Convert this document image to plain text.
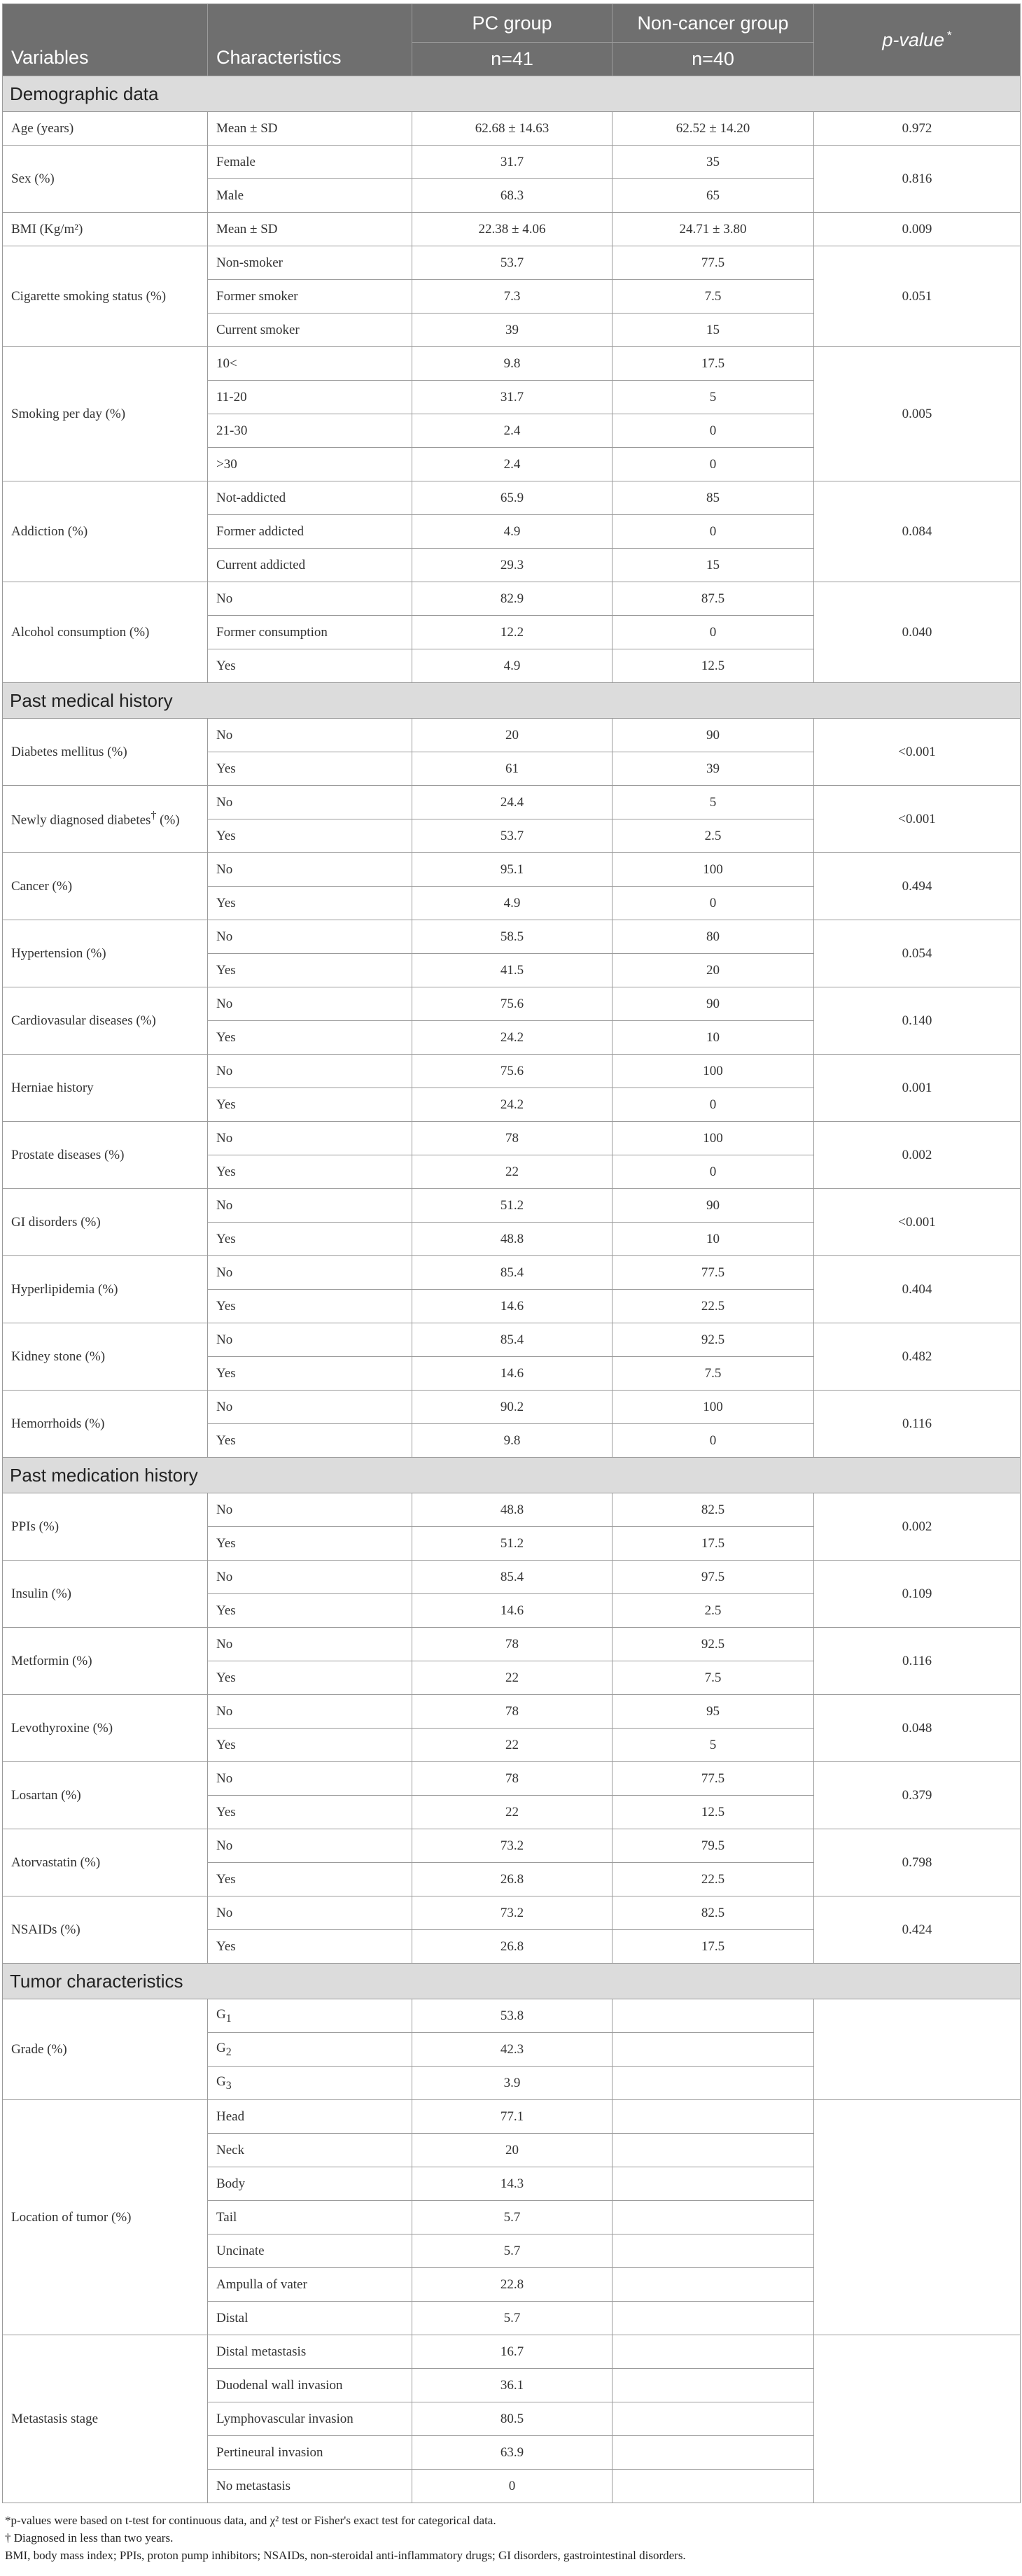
Variables	Characteristics	PC group	Non-cancer group	p-value *
		n=41	n=40	
Demographic data				
Age (years)	Mean ± SD	62.68 ± 14.63	62.52 ± 14.20	0.972
Sex (%)	Female	31.7	35	0.816
	Male	68.3	65	
BMI (Kg/m²)	Mean ± SD	22.38 ± 4.06	24.71 ± 3.80	0.009
Cigarette smoking status (%)	Non-smoker	53.7	77.5	0.051
	Former smoker	7.3	7.5	
	Current smoker	39	15	
Smoking per day (%)	10<	9.8	17.5	0.005
	11-20	31.7	5	
	21-30	2.4	0	
	>30	2.4	0	
Addiction (%)	Not-addicted	65.9	85	0.084
	Former addicted	4.9	0	
	Current addicted	29.3	15	
Alcohol consumption (%)	No	82.9	87.5	0.040
	Former consumption	12.2	0	
	Yes	4.9	12.5	
Past medical history				
Diabetes mellitus (%)	No	20	90	<0.001
	Yes	61	39	
Newly diagnosed diabetes† (%)	No	24.4	5	<0.001
	Yes	53.7	2.5	
Cancer (%)	No	95.1	100	0.494
	Yes	4.9	0	
Hypertension (%)	No	58.5	80	0.054
	Yes	41.5	20	
Cardiovasular diseases (%)	No	75.6	90	0.140
	Yes	24.2	10	
Herniae history	No	75.6	100	0.001
	Yes	24.2	0	
Prostate diseases (%)	No	78	100	0.002
	Yes	22	0	
GI disorders (%)	No	51.2	90	<0.001
	Yes	48.8	10	
Hyperlipidemia (%)	No	85.4	77.5	0.404
	Yes	14.6	22.5	
Kidney stone (%)	No	85.4	92.5	0.482
	Yes	14.6	7.5	
Hemorrhoids (%)	No	90.2	100	0.116
	Yes	9.8	0	
Past medication history				
PPIs (%)	No	48.8	82.5	0.002
	Yes	51.2	17.5	
Insulin (%)	No	85.4	97.5	0.109
	Yes	14.6	2.5	
Metformin (%)	No	78	92.5	0.116
	Yes	22	7.5	
Levothyroxine (%)	No	78	95	0.048
	Yes	22	5	
Losartan (%)	No	78	77.5	0.379
	Yes	22	12.5	
Atorvastatin (%)	No	73.2	79.5	0.798
	Yes	26.8	22.5	
NSAIDs (%)	No	73.2	82.5	0.424
	Yes	26.8	17.5	
Tumor characteristics				
Grade (%)	$G_1$	53.8		
	$G_2$	42.3		
	$G_3$	3.9		
Location of tumor (%)	Head	77.1		
	Neck	20		
	Body	14.3		
	Tail	5.7		
	Uncinate	5.7		
	Ampulla of vater	22.8		
	Distal	5.7		
Metastasis stage	Distal metastasis	16.7		
	Duodenal wall invasion	36.1		
	Lymphovascular invasion	80.5		
	Pertineural invasion	63.9		
	No metastasis	0		

*p-values were based on t-test for continuous data, and χ² test or Fisher's exact test for categorical data.

† Diagnosed in less than two years.

BMI, body mass index; PPIs, proton pump inhibitors; NSAIDs, non-steroidal anti-inflammatory drugs; GI disorders, gastrointestinal disorders.
